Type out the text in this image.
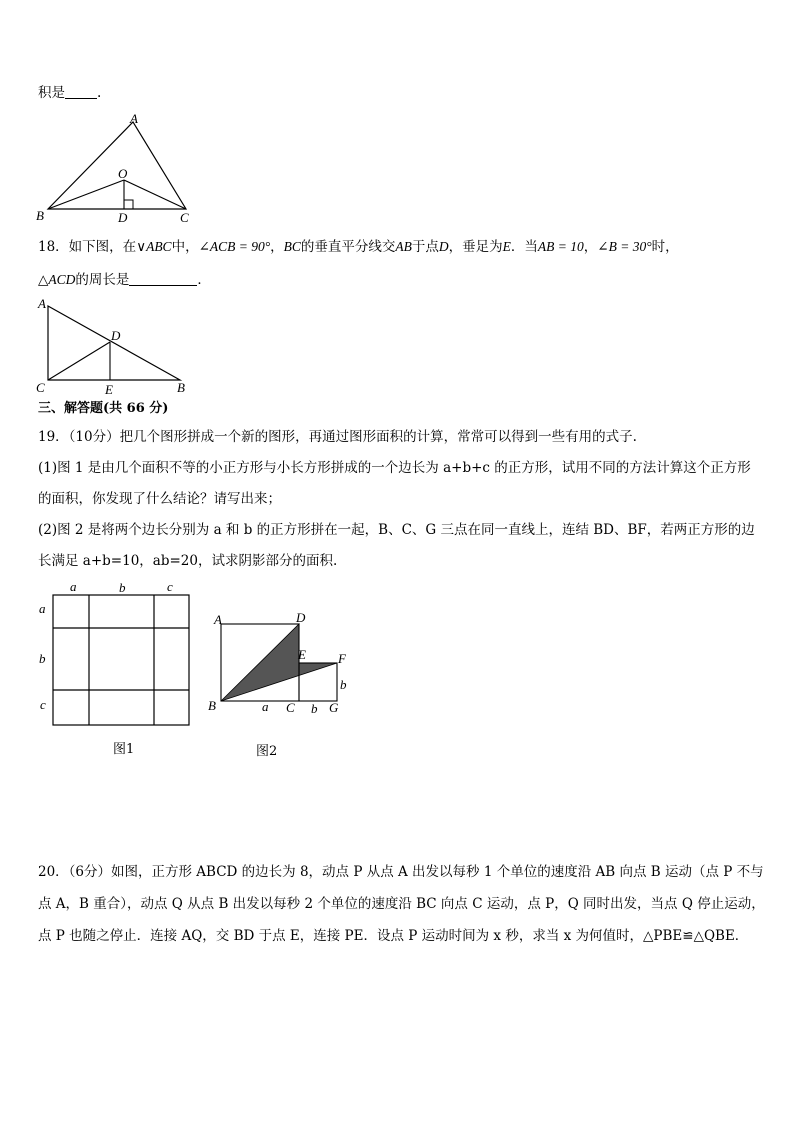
积是 .
A
O
B	D	C
18．如下图，在∨ABC中，∠ACB = 90°，BC的垂直平分线交AB于点D，垂足为E．当AB = 10，∠B = 30°时，
△ACD的周长是	．
A
D
C	E	B
三、解答题(共 66 分)
19．（10分）把几个图形拼成一个新的图形，再通过图形面积的计算，常常可以得到一些有用的式子.
(1)图 1 是由几个面积不等的小正方形与小长方形拼成的一个边长为 a+b+c 的正方形，试用不同的方法计算这个正方形
的面积，你发现了什么结论？请写出来；
(2)图 2 是将两个边长分别为 a 和 b 的正方形拼在一起，B、C、G 三点在同一直线上，连结 BD、BF，若两正方形的边
长满足 a+b=10，ab=20，试求阴影部分的面积.
a	b	c
a
b
c
图1
A	D
E F
B	a C b G
b
图2
20．（6分）如图，正方形 ABCD 的边长为 8，动点 P 从点 A 出发以每秒 1 个单位的速度沿 AB 向点 B 运动（点 P 不与
点 A，B 重合），动点 Q 从点 B 出发以每秒 2 个单位的速度沿 BC 向点 C 运动，点 P，Q 同时出发，当点 Q 停止运动，
点 P 也随之停止．连接 AQ，交 BD 于点 E，连接 PE．设点 P 运动时间为 x 秒，求当 x 为何值时，△PBE≌△QBE．
